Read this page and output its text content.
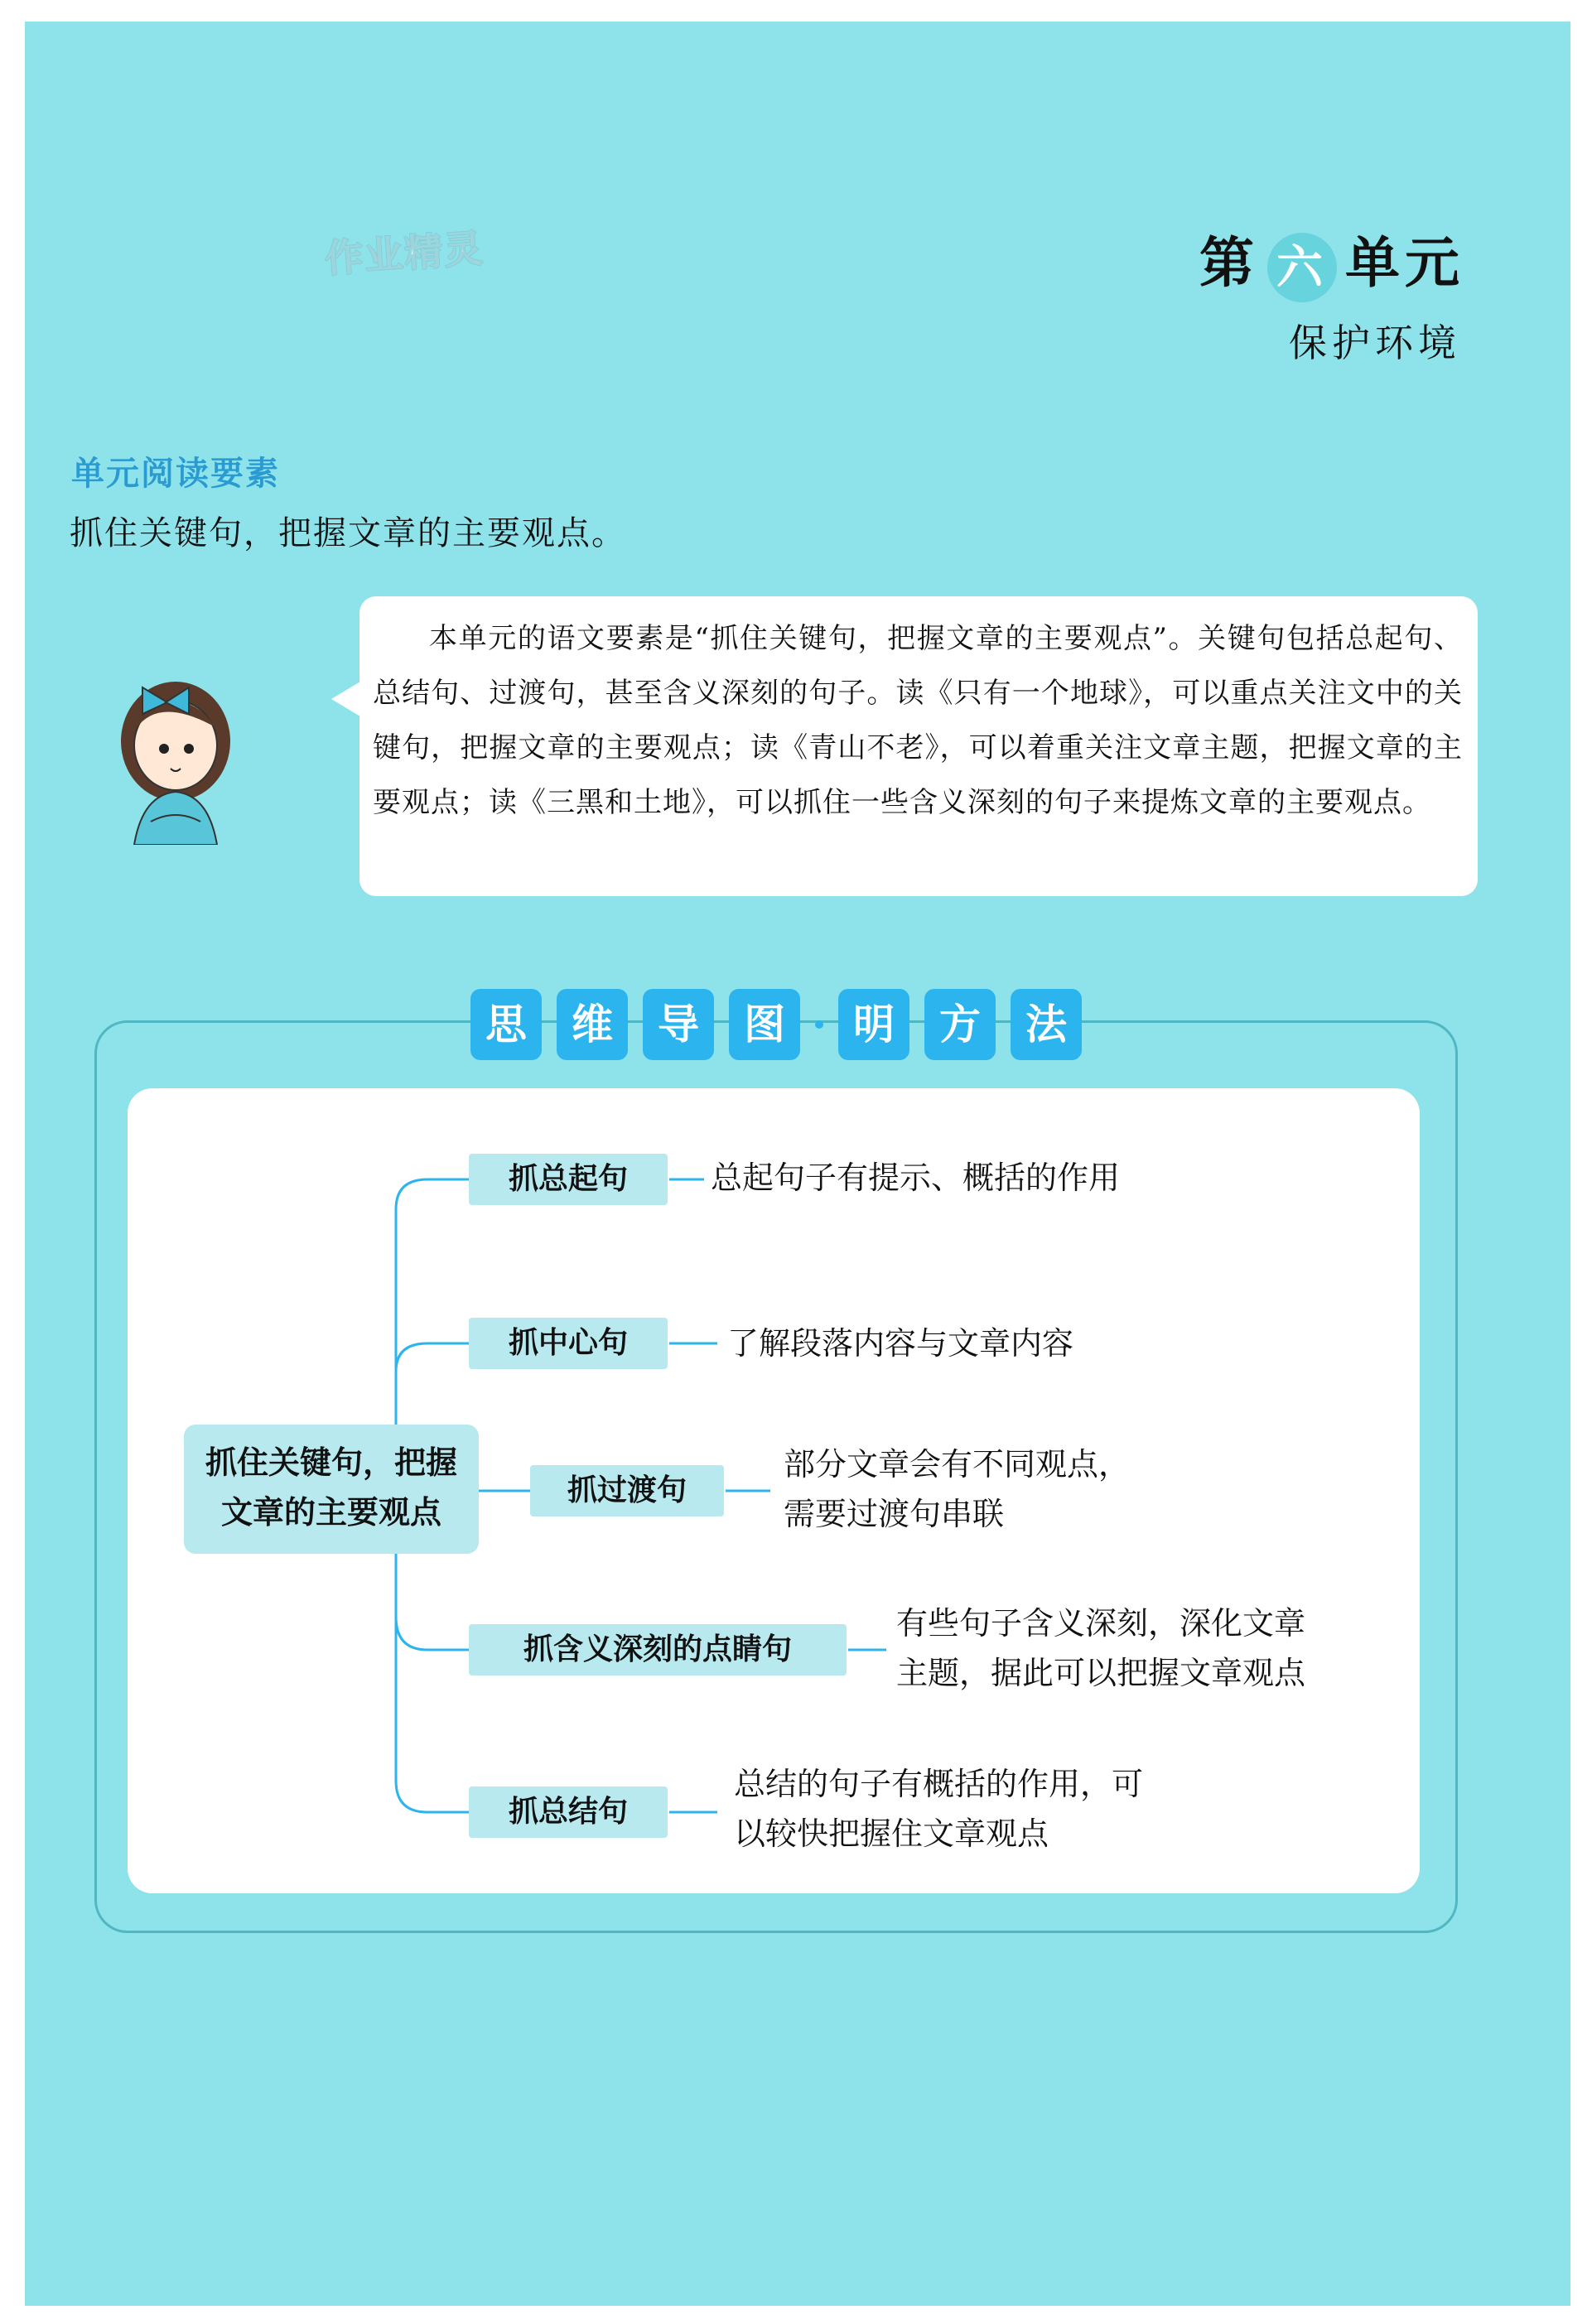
作业精灵	第 六 单元
保护环境
单元阅读要素
抓住关键句，把握文章的主要观点。
本单元的语文要素是“抓住关键句，把握文章的主要观点”。关键句包括总起句、总结句、过渡句，甚至含义深刻的句子。读《只有一个地球》，可以重点关注文中的关键句，把握文章的主要观点；读《青山不老》，可以着重关注文章主题，把握文章的主要观点；读《三黑和土地》，可以抓住一些含义深刻的句子来提炼文章的主要观点。
思 维 导 图 明 方 法
抓住关键句，把握
文章的主要观点
抓总起句
抓中心句
抓过渡句
抓含义深刻的点睛句
抓总结句
总起句子有提示、概括的作用
了解段落内容与文章内容
部分文章会有不同观点，
需要过渡句串联
有些句子含义深刻，深化文章
主题，据此可以把握文章观点
总结的句子有概括的作用，可
以较快把握住文章观点
